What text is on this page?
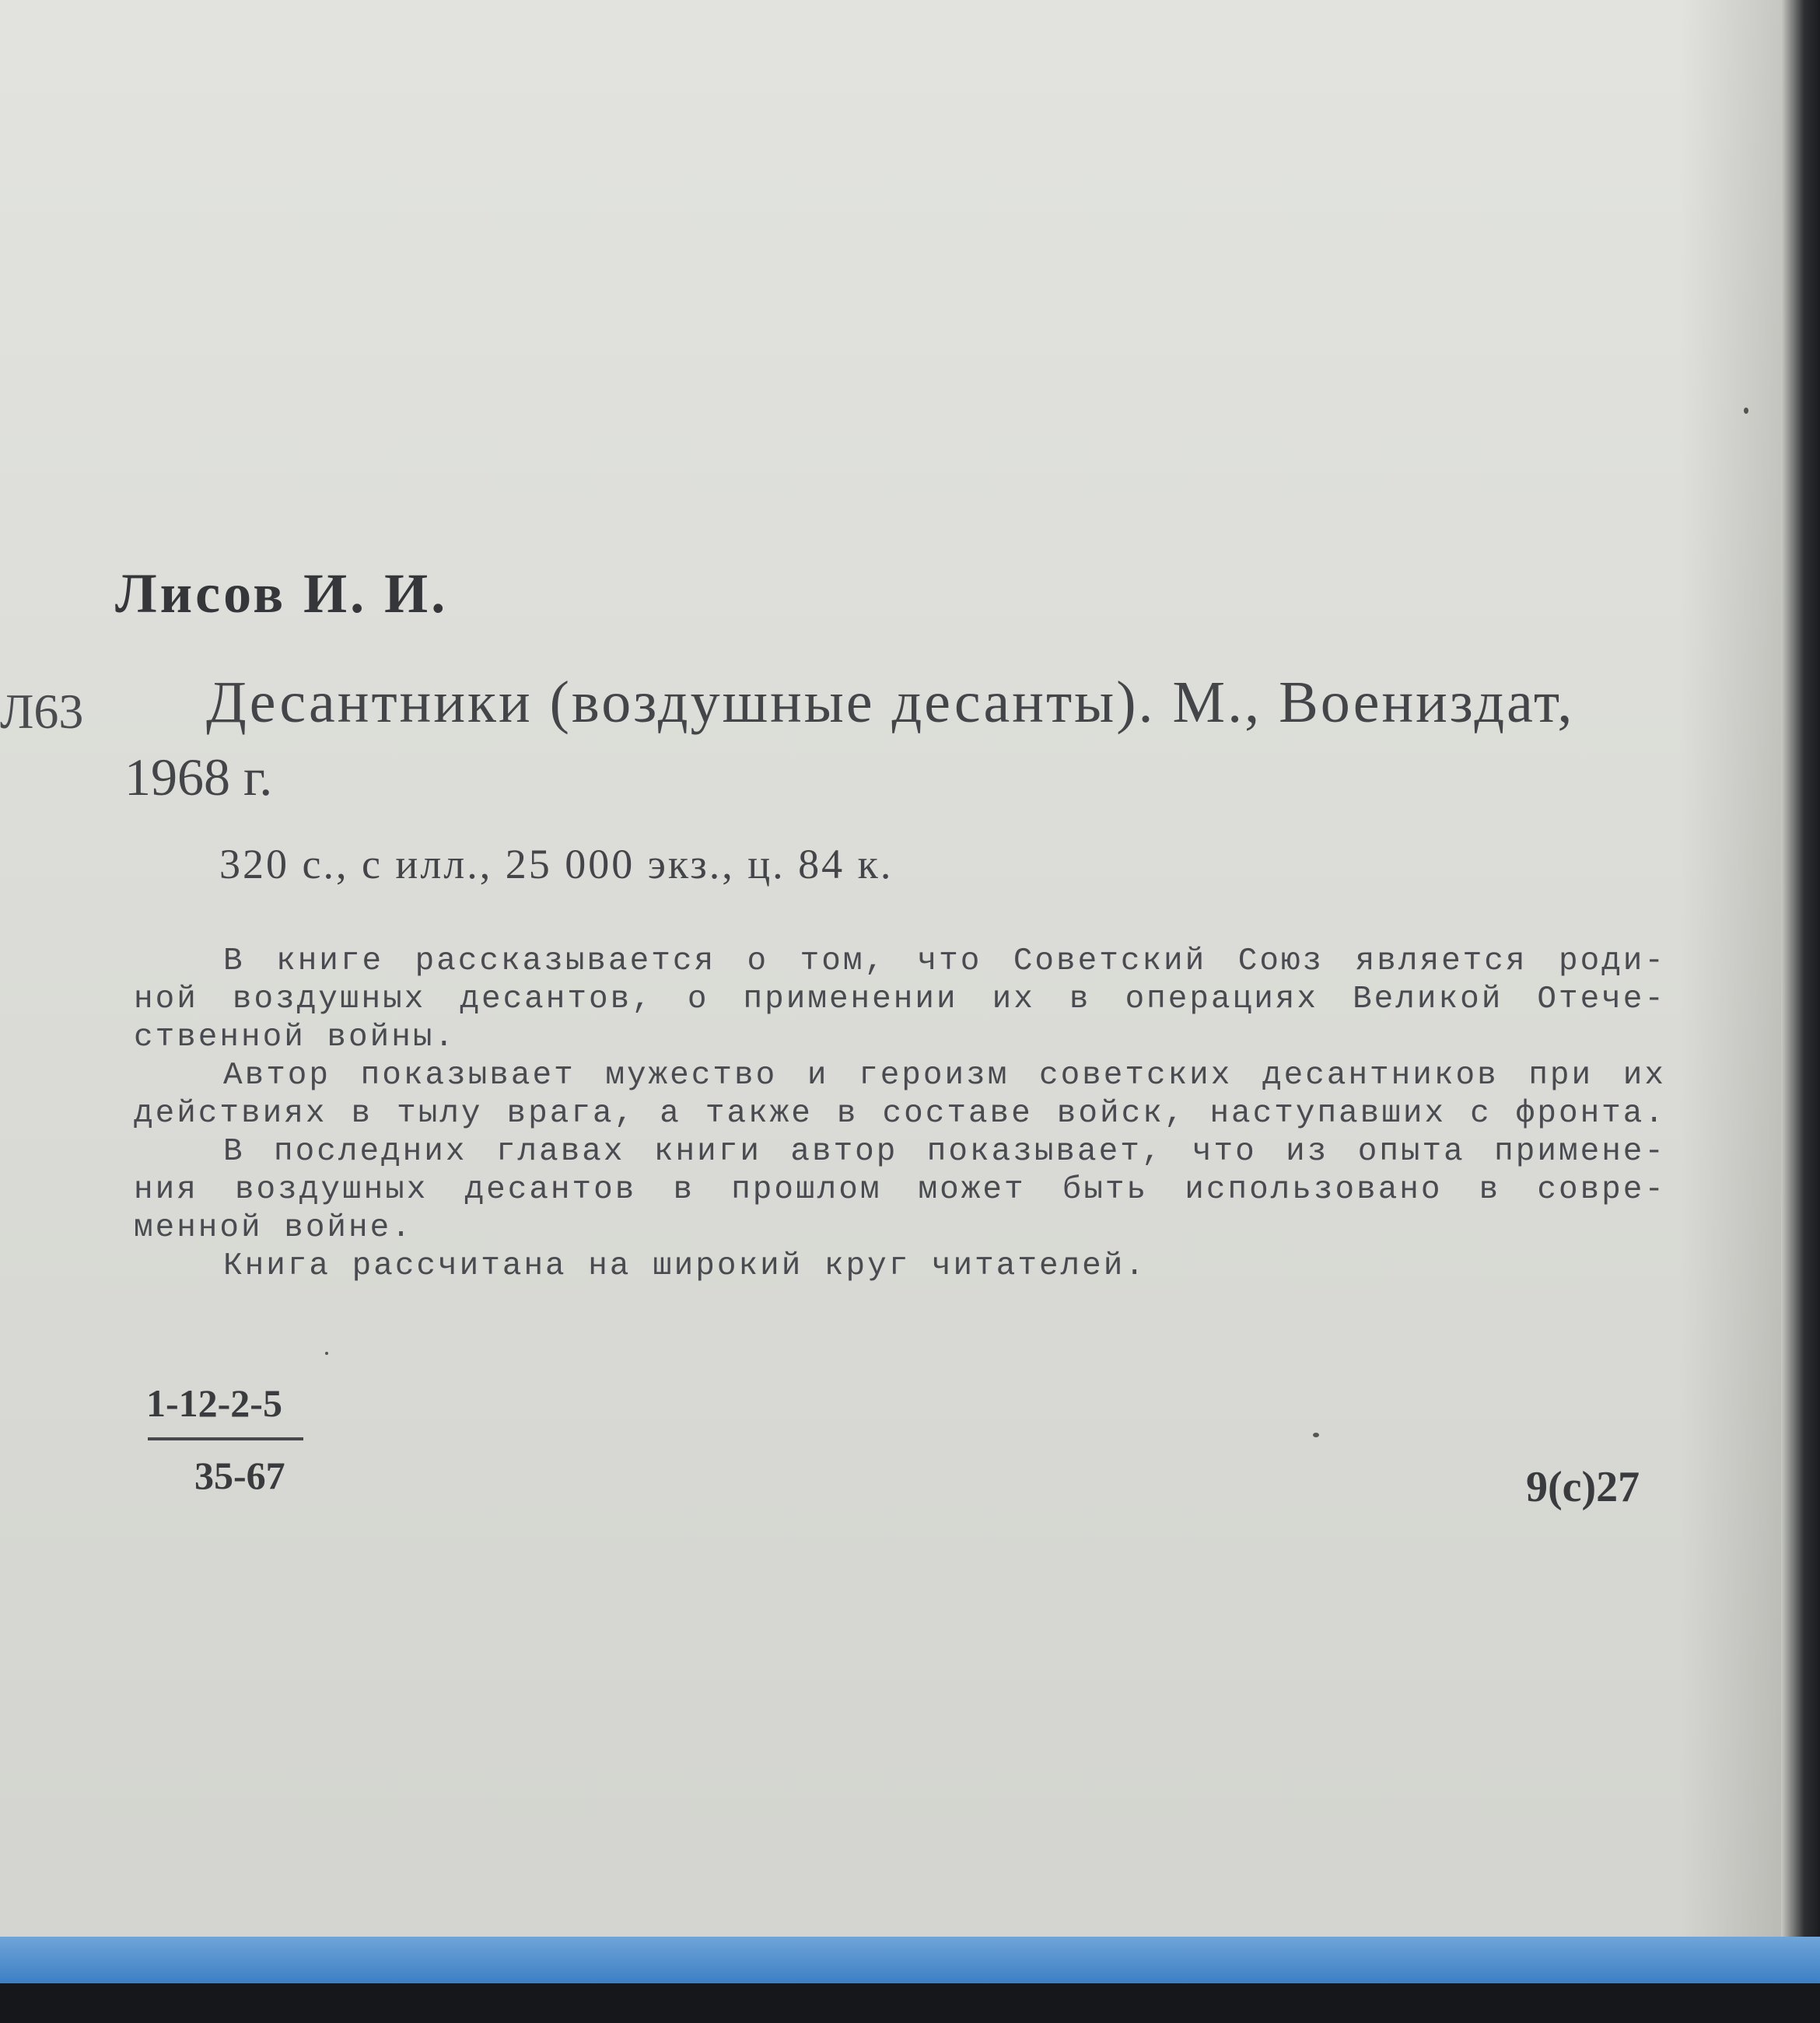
Лисов И. И.
Л63 Десантники (воздушные десанты). М., Воениздат,
1968 г.
320 с., с илл., 25 000 экз., ц. 84 к.
В книге рассказывается о том, что Советский Союз является роди-
ной воздушных десантов, о применении их в операциях Великой Отече-
ственной войны.
Автор показывает мужество и героизм советских десантников при их
действиях в тылу врага, а также в составе войск, наступавших с фронта.
В последних главах книги автор показывает, что из опыта примене-
ния воздушных десантов в прошлом может быть использовано в совре-
менной войне.
Книга рассчитана на широкий круг читателей.
1-12-2-5
35-67	9(с)27
